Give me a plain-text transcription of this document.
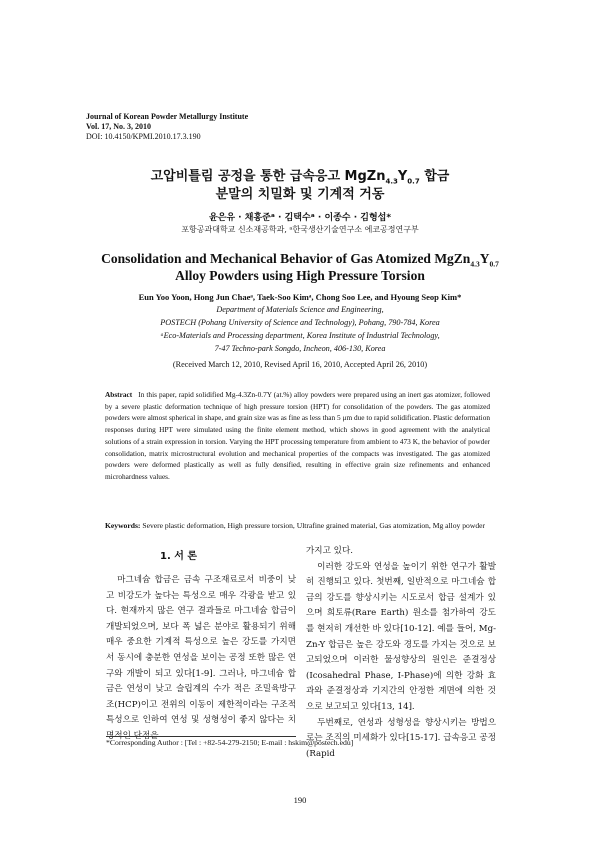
Journal of Korean Powder Metallurgy Institute
Vol. 17, No. 3, 2010
DOI: 10.4150/KPMI.2010.17.3.190
고압비틀림 공정을 통한 급속응고 $MgZn_{4.3}Y_{0.7}$ 합금
분말의 치밀화 및 기계적 거동
윤은유 · 채홍준ᵃ · 김택수ᵃ · 이종수 · 김형섭*
포항공과대학교 신소재공학과, ᵃ한국생산기술연구소 에코공정연구부
Consolidation and Mechanical Behavior of Gas Atomized $MgZn_{4.3}Y_{0.7}$
Alloy Powders using High Pressure Torsion
Eun Yoo Yoon, Hong Jun Chaeᵃ, Taek-Soo Kimᵃ, Chong Soo Lee, and Hyoung Seop Kim*
Department of Materials Science and Engineering,
POSTECH (Pohang University of Science and Technology), Pohang, 790-784, Korea
ᵃEco-Materials and Processing department, Korea Institute of Industrial Technology,
7-47 Techno-park Songdo, Incheon, 406-130, Korea
(Received March 12, 2010, Revised April 16, 2010, Accepted April 26, 2010)
Abstract In this paper, rapid solidified Mg-4.3Zn-0.7Y (at.%) alloy powders were prepared using an inert gas atomizer, followed by a severe plastic deformation technique of high pressure torsion (HPT) for consolidation of the powders. The gas atomized powders were almost spherical in shape, and grain size was as fine as less than 5 μm due to rapid solidification. Plastic deformation responses during HPT were simulated using the finite element method, which shows in good agreement with the analytical solutions of a strain expression in torsion. Varying the HPT processing temperature from ambient to 473 K, the behavior of powder consolidation, matrix microstructural evolution and mechanical properties of the compacts was investigated. The gas atomized powders were deformed plastically as well as fully densified, resulting in effective grain size refinements and enhanced microhardness values.
Keywords: Severe plastic deformation, High pressure torsion, Ultrafine grained material, Gas atomization, Mg alloy powder
1. 서 론

마그네슘 합금은 금속 구조재료로서 비중이 낮고 비강도가 높다는 특성으로 매우 각광을 받고 있다. 현재까지 많은 연구 결과들로 마그네슘 합금이 개발되었으며, 보다 폭 넓은 분야로 활용되기 위해 매우 중요한 기계적 특성으로 높은 강도를 가지면서 동시에 충분한 연성을 보이는 공정 또한 많은 연구와 개발이 되고 있다[1-9]. 그러나, 마그네슘 합금은 연성이 낮고 슬립계의 수가 적은 조밀육방구조(HCP)이고 전위의 이동이 제한적이라는 구조적 특성으로 인하여 연성 및 성형성이 좋지 않다는 치명적인 단점을

가지고 있다.

이러한 강도와 연성을 높이기 위한 연구가 활발히 진행되고 있다. 첫번째, 일반적으로 마그네슘 합금의 강도를 향상시키는 시도로서 합금 설계가 있으며 희토류(Rare Earth) 원소를 첨가하여 강도를 현저히 개선한 바 있다[10-12]. 예를 들어, Mg-Zn-Y 합금은 높은 강도와 경도를 가지는 것으로 보고되었으며 이러한 물성향상의 원인은 준결정상(Icosahedral Phase, I-Phase)에 의한 강화 효과와 준결정상과 기지간의 안정한 계면에 의한 것으로 보고되고 있다[13, 14].

두번째로, 연성과 성형성을 향상시키는 방법으로는 조직의 미세화가 있다[15-17]. 급속응고 공정(Rapid

*Corresponding Author : [Tel : +82-54-279-2150; E-mail : hskim@postech.edu]
190
